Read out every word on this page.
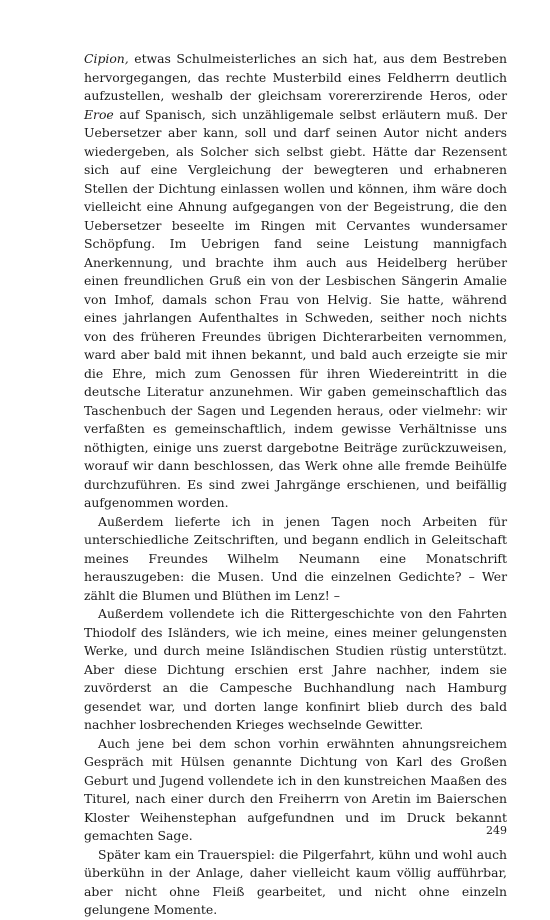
Cipion, etwas Schulmeisterliches an sich hat, aus dem Bestreben hervorgegangen, das rechte Musterbild eines Feldherrn deutlich aufzustellen, weshalb der gleichsam vorererzirende Heros, oder Eroe auf Spanisch, sich unzähligemale selbst erläutern muß. Der Uebersetzer aber kann, soll und darf seinen Autor nicht anders wiedergeben, als Solcher sich selbst giebt. Hätte dar Rezensent sich auf eine Vergleichung der bewegteren und erhabneren Stellen der Dichtung einlassen wollen und können, ihm wäre doch vielleicht eine Ahnung aufgegangen von der Begeistrung, die den Uebersetzer beseelte im Ringen mit Cervantes wundersamer Schöpfung. Im Uebrigen fand seine Leistung mannigfach Anerkennung, und brachte ihm auch aus Heidelberg herüber einen freundlichen Gruß ein von der Lesbischen Sängerin Amalie von Imhof, damals schon Frau von Helvig. Sie hatte, während eines jahrlangen Aufenthaltes in Schweden, seither noch nichts von des früheren Freundes übrigen Dichterarbeiten vernommen, ward aber bald mit ihnen bekannt, und bald auch erzeigte sie mir die Ehre, mich zum Genossen für ihren Wiedereintritt in die deutsche Literatur anzunehmen. Wir gaben gemeinschaftlich das Taschenbuch der Sagen und Legenden heraus, oder vielmehr: wir verfaßten es gemeinschaftlich, indem gewisse Verhältnisse uns nöthigten, einige uns zuerst dargebotne Beiträge zurückzuweisen, worauf wir dann beschlossen, das Werk ohne alle fremde Beihülfe durchzuführen. Es sind zwei Jahrgänge erschienen, und beifällig aufgenommen worden.

Außerdem lieferte ich in jenen Tagen noch Arbeiten für unterschiedliche Zeitschriften, und begann endlich in Geleitschaft meines Freundes Wilhelm Neumann eine Monatschrift herauszugeben: die Musen. Und die einzelnen Gedichte? – Wer zählt die Blumen und Blüthen im Lenz! –

Außerdem vollendete ich die Rittergeschichte von den Fahrten Thiodolf des Isländers, wie ich meine, eines meiner gelungensten Werke, und durch meine Isländischen Studien rüstig unterstützt. Aber diese Dichtung erschien erst Jahre nachher, indem sie zuvörderst an die Campesche Buchhandlung nach Hamburg gesendet war, und dorten lange konfinirt blieb durch des bald nachher losbrechenden Krieges wechselnde Gewitter.

Auch jene bei dem schon vorhin erwähnten ahnungsreichem Gespräch mit Hülsen genannte Dichtung von Karl des Großen Geburt und Jugend vollendete ich in den kunstreichen Maaßen des Titurel, nach einer durch den Freiherrn von Aretin im Baierschen Kloster Weihenstephan aufgefundnen und im Druck bekannt gemachten Sage.

Später kam ein Trauerspiel: die Pilgerfahrt, kühn und wohl auch überkühn in der Anlage, daher vielleicht kaum völlig aufführbar, aber nicht ohne Fleiß gearbeitet, und nicht ohne einzeln gelungene Momente.

249
